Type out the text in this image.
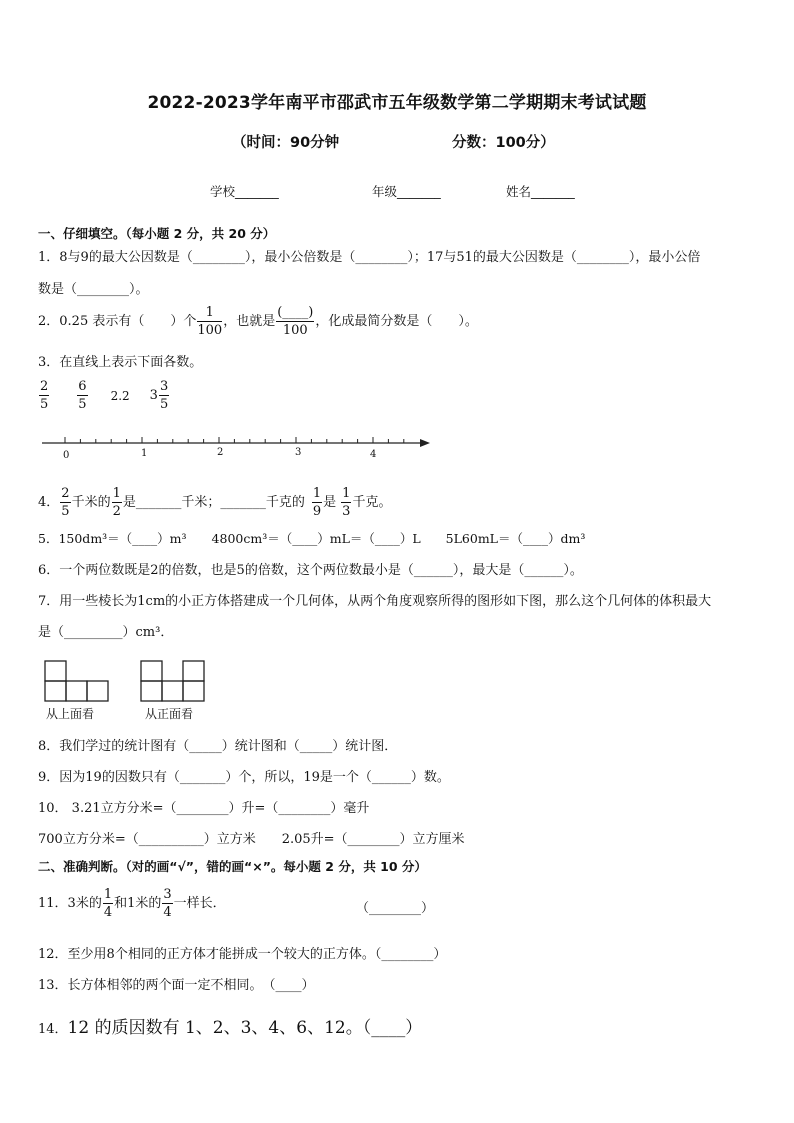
2022-2023学年南平市邵武市五年级数学第二学期期末考试试题
（时间：90分钟	分数：100分）
学校_______	年级_______	姓名_______
一、仔细填空。（每小题 2 分，共 20 分）
1．8与9的最大公因数是（________），最小公倍数是（________）；17与51的最大公因数是（________），最小公倍
数是（________）。
2．0.25 表示有（　　）个 $\frac{1}{100}$ ，也就是 $\frac{(\_\_\_\_)}{100}$ ，化成最简分数是（　　）。
3．在直线上表示下面各数。
$\frac{2}{5} \frac{6}{5} 2.2$ $3 \frac{3}{5}$
0	1	2	3	4
4． $\frac{2}{5}$ 千米的 $\frac{1}{2}$ 是_______千米；_______千克的 $\frac{1}{9}$ 是 $\frac{1}{3}$ 千克。
5．150dm³＝（____）m³　　4800cm³＝（____）mL＝（____）L　　5L60mL＝（____）dm³
6．一个两位数既是2的倍数，也是5的倍数，这个两位数最小是（______），最大是（______）。
7．用一些棱长为1cm的小正方体搭建成一个几何体，从两个角度观察所得的图形如下图，那么这个几何体的体积最大
是（_________）cm³．
从上面看	从正面看
8．我们学过的统计图有（_____）统计图和（_____）统计图．
9．因为19的因数只有（_______）个，所以，19是一个（______）数。
10． 3.21立方分米=（________）升=（________）毫升
700立方分米=（__________）立方米　　2.05升=（________）立方厘米
二、准确判断。（对的画“√”，错的画“×”。每小题 2 分，共 10 分）
11．3米的 $\frac{1}{4}$ 和1米的 $\frac{3}{4}$ 一样长．	（________）
12．至少用8个相同的正方体才能拼成一个较大的正方体。（________）
13．长方体相邻的两个面一定不相同。　（____）
14． 12 的质因数有 1、2、3、4、6、12。（____）
